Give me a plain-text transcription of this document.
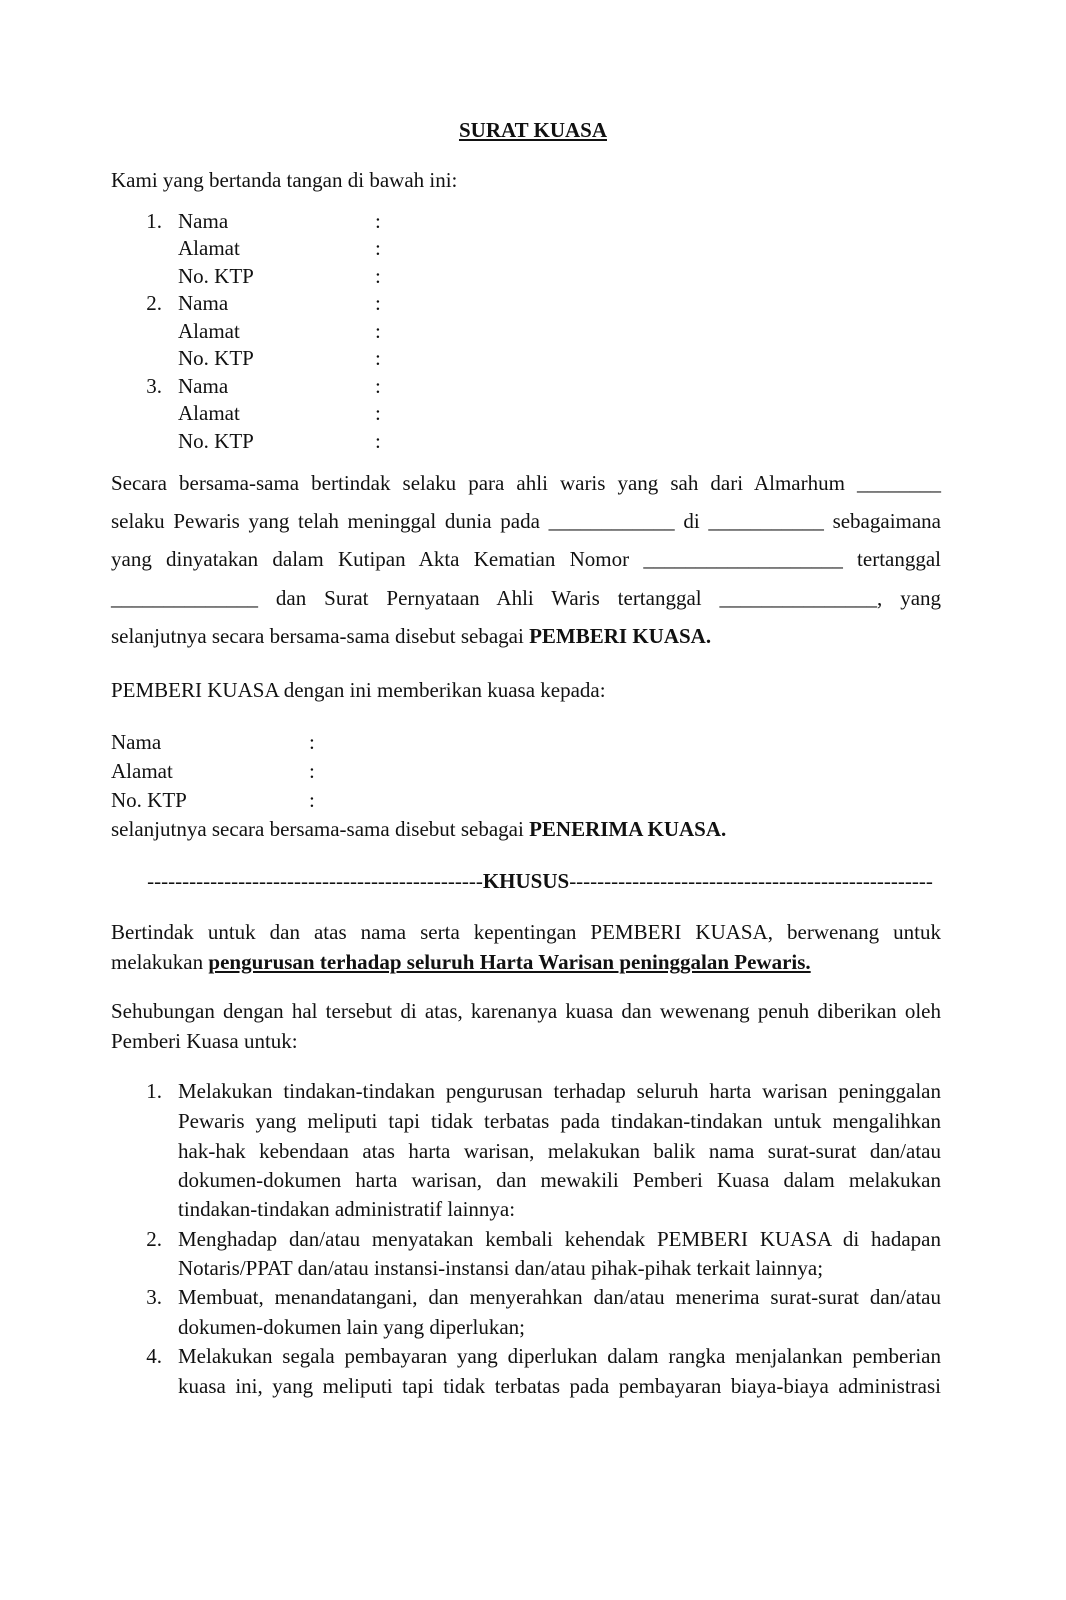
SURAT KUASA
Kami yang bertanda tangan di bawah ini:
1. Nama	:
Alamat	:
No. KTP	:
2. Nama	:
Alamat	:
No. KTP	:
3. Nama	:
Alamat	:
No. KTP	:
Secara bersama-sama bertindak selaku para ahli waris yang sah dari Almarhum ________
selaku Pewaris yang telah meninggal dunia pada ____________ di ___________ sebagaimana
yang dinyatakan dalam Kutipan Akta Kematian Nomor ___________________ tertanggal
______________ dan Surat Pernyataan Ahli Waris tertanggal _______________, yang
selanjutnya secara bersama-sama disebut sebagai PEMBERI KUASA.
PEMBERI KUASA dengan ini memberikan kuasa kepada:
Nama	:
Alamat	:
No. KTP	:
selanjutnya secara bersama-sama disebut sebagai PENERIMA KUASA.
------------------------------------------------ KHUSUS ----------------------------------------------------
Bertindak untuk dan atas nama serta kepentingan PEMBERI KUASA, berwenang untuk
melakukan pengurusan terhadap seluruh Harta Warisan peninggalan Pewaris.
Sehubungan dengan hal tersebut di atas, karenanya kuasa dan wewenang penuh diberikan oleh
Pemberi Kuasa untuk:
1. Melakukan tindakan-tindakan pengurusan terhadap seluruh harta warisan peninggalan
Pewaris yang meliputi tapi tidak terbatas pada tindakan-tindakan untuk mengalihkan
hak-hak kebendaan atas harta warisan, melakukan balik nama surat-surat dan/atau
dokumen-dokumen harta warisan, dan mewakili Pemberi Kuasa dalam melakukan
tindakan-tindakan administratif lainnya:
2. Menghadap dan/atau menyatakan kembali kehendak PEMBERI KUASA di hadapan
Notaris/PPAT dan/atau instansi-instansi dan/atau pihak-pihak terkait lainnya;
3. Membuat, menandatangani, dan menyerahkan dan/atau menerima surat-surat dan/atau
dokumen-dokumen lain yang diperlukan;
4. Melakukan segala pembayaran yang diperlukan dalam rangka menjalankan pemberian
kuasa ini, yang meliputi tapi tidak terbatas pada pembayaran biaya-biaya administrasi
